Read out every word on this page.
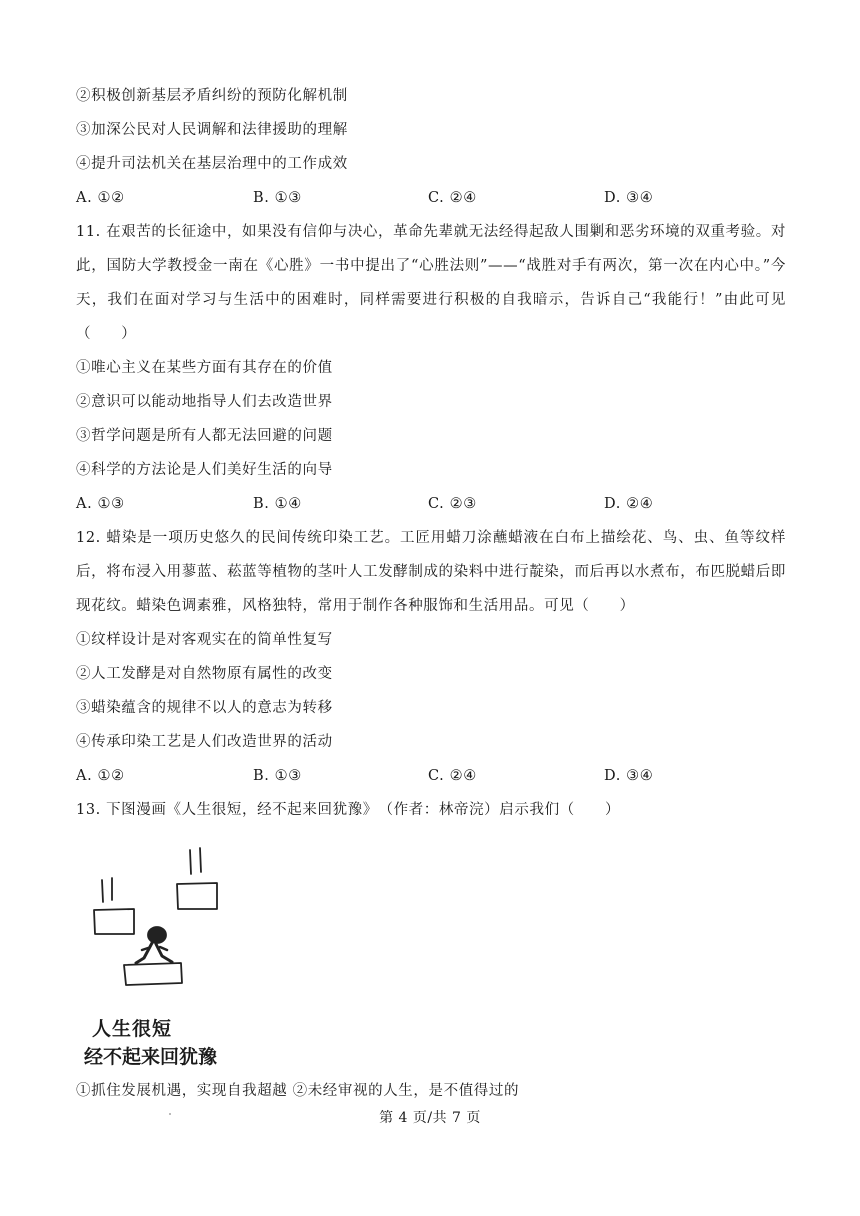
②积极创新基层矛盾纠纷的预防化解机制
③加深公民对人民调解和法律援助的理解
④提升司法机关在基层治理中的工作成效
A. ①②	B. ①③	C. ②④	D. ③④
11. 在艰苦的长征途中，如果没有信仰与决心，革命先辈就无法经得起敌人围剿和恶劣环境的双重考验。对此，国防大学教授金一南在《心胜》一书中提出了“心胜法则”——“战胜对手有两次，第一次在内心中。”今天，我们在面对学习与生活中的困难时，同样需要进行积极的自我暗示，告诉自己“我能行！”由此可见（　　）
①唯心主义在某些方面有其存在的价值
②意识可以能动地指导人们去改造世界
③哲学问题是所有人都无法回避的问题
④科学的方法论是人们美好生活的向导
A. ①③	B. ①④	C. ②③	D. ②④
12. 蜡染是一项历史悠久的民间传统印染工艺。工匠用蜡刀涂蘸蜡液在白布上描绘花、鸟、虫、鱼等纹样后，将布浸入用蓼蓝、菘蓝等植物的茎叶人工发酵制成的染料中进行靛染，而后再以水煮布，布匹脱蜡后即现花纹。蜡染色调素雅，风格独特，常用于制作各种服饰和生活用品。可见（　　）
①纹样设计是对客观实在的简单性复写
②人工发酵是对自然物原有属性的改变
③蜡染蕴含的规律不以人的意志为转移
④传承印染工艺是人们改造世界的活动
A. ①②	B. ①③	C. ②④	D. ③④
13. 下图漫画《人生很短，经不起来回犹豫》　（作者：林帝浣）启示我们（　　）
人生很短
经不起来回犹豫
①抓住发展机遇，实现自我超越 ②未经审视的人生，是不值得过的
第 4 页/共 7 页
